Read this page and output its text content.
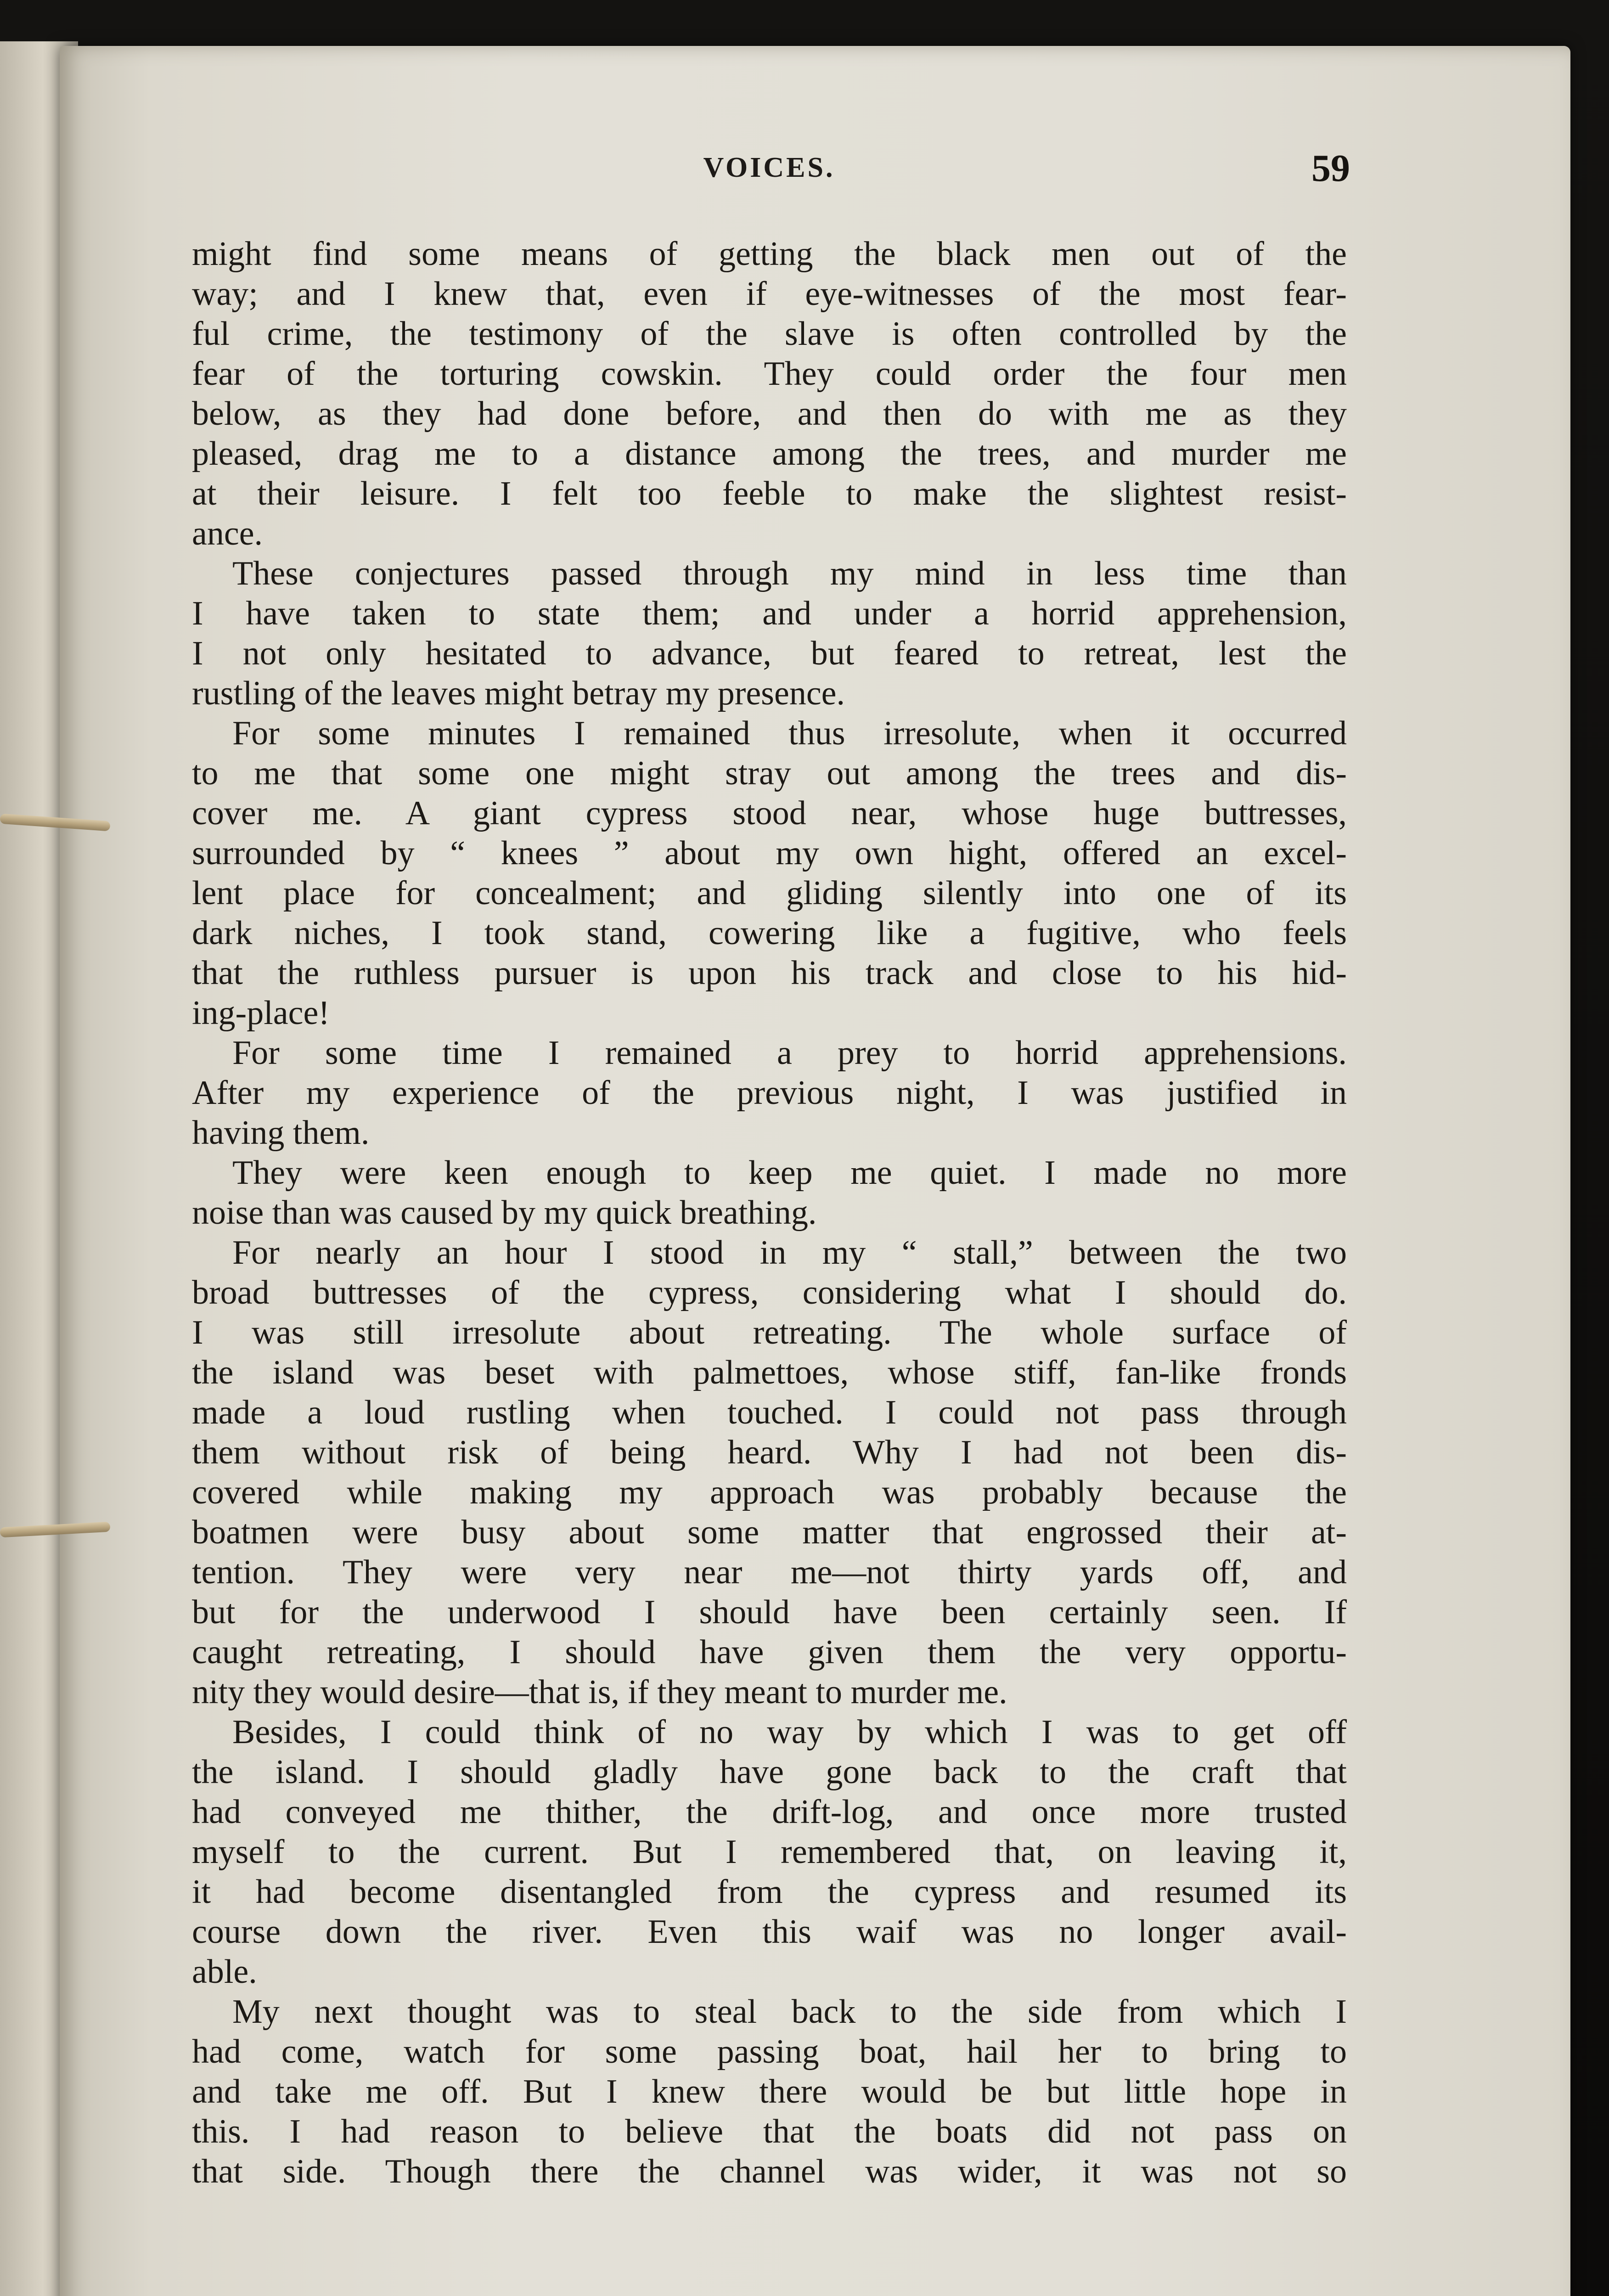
VOICES.	59
might find some means of getting the black men out of the
way; and I knew that, even if eye-witnesses of the most fear-
ful crime, the testimony of the slave is often controlled by the
fear of the torturing cowskin. They could order the four men
below, as they had done before, and then do with me as they
pleased, drag me to a distance among the trees, and murder me
at their leisure. I felt too feeble to make the slightest resist-
ance.
These conjectures passed through my mind in less time than
I have taken to state them; and under a horrid apprehension,
I not only hesitated to advance, but feared to retreat, lest the
rustling of the leaves might betray my presence.
For some minutes I remained thus irresolute, when it occurred
to me that some one might stray out among the trees and dis-
cover me. A giant cypress stood near, whose huge buttresses,
surrounded by “ knees ” about my own hight, offered an excel-
lent place for concealment; and gliding silently into one of its
dark niches, I took stand, cowering like a fugitive, who feels
that the ruthless pursuer is upon his track and close to his hid-
ing-place!
For some time I remained a prey to horrid apprehensions.
After my experience of the previous night, I was justified in
having them.
They were keen enough to keep me quiet. I made no more
noise than was caused by my quick breathing.
For nearly an hour I stood in my “ stall,” between the two
broad buttresses of the cypress, considering what I should do.
I was still irresolute about retreating. The whole surface of
the island was beset with palmettoes, whose stiff, fan-like fronds
made a loud rustling when touched. I could not pass through
them without risk of being heard. Why I had not been dis-
covered while making my approach was probably because the
boatmen were busy about some matter that engrossed their at-
tention. They were very near me—not thirty yards off, and
but for the underwood I should have been certainly seen. If
caught retreating, I should have given them the very opportu-
nity they would desire—that is, if they meant to murder me.
Besides, I could think of no way by which I was to get off
the island. I should gladly have gone back to the craft that
had conveyed me thither, the drift-log, and once more trusted
myself to the current. But I remembered that, on leaving it,
it had become disentangled from the cypress and resumed its
course down the river. Even this waif was no longer avail-
able.
My next thought was to steal back to the side from which I
had come, watch for some passing boat, hail her to bring to
and take me off. But I knew there would be but little hope in
this. I had reason to believe that the boats did not pass on
that side. Though there the channel was wider, it was not so
